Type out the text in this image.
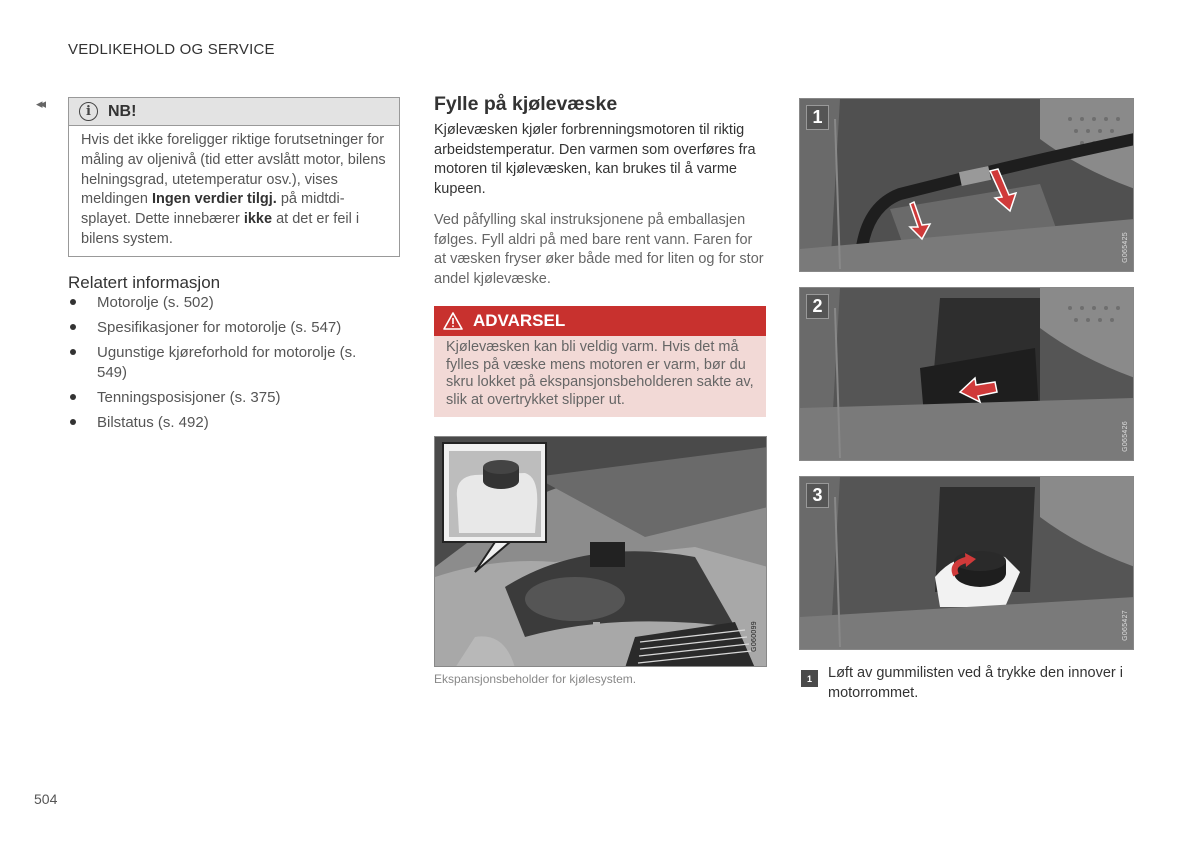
VEDLIKEHOLD OG SERVICE
◂◂
i	NB!
Hvis det ikke foreligger riktige forutsetninger for måling av oljenivå (tid etter avslått motor, bilens helningsgrad, utetemperatur osv.), vises meldingen Ingen verdier tilgj. på midtdisplayet. Dette innebærer ikke at det er feil i bilens system.
Relatert informasjon
Motorolje (s. 502)
Spesifikasjoner for motorolje (s. 547)
Ugunstige kjøreforhold for motorolje (s. 549)
Tenningsposisjoner (s. 375)
Bilstatus (s. 492)
504
Fylle på kjølevæske
Kjølevæsken kjøler forbrenningsmotoren til riktig arbeidstemperatur. Den varmen som overføres fra motoren til kjølevæsken, kan brukes til å varme kupeen.
Ved påfylling skal instruksjonene på emballasjen følges. Fyll aldri på med bare rent vann. Faren for at væsken fryser øker både med for liten og for stor andel kjølevæske.
ADVARSEL
Kjølevæsken kan bli veldig varm. Hvis det må fylles på væske mens motoren er varm, bør du skru lokket på ekspansjonsbeholderen sakte av, slik at overtrykket slipper ut.
G060099
Ekspansjonsbeholder for kjølesystem.
1
G065425
2
G065426
3
G065427
1	Løft av gummilisten ved å trykke den innover i motorrommet.
